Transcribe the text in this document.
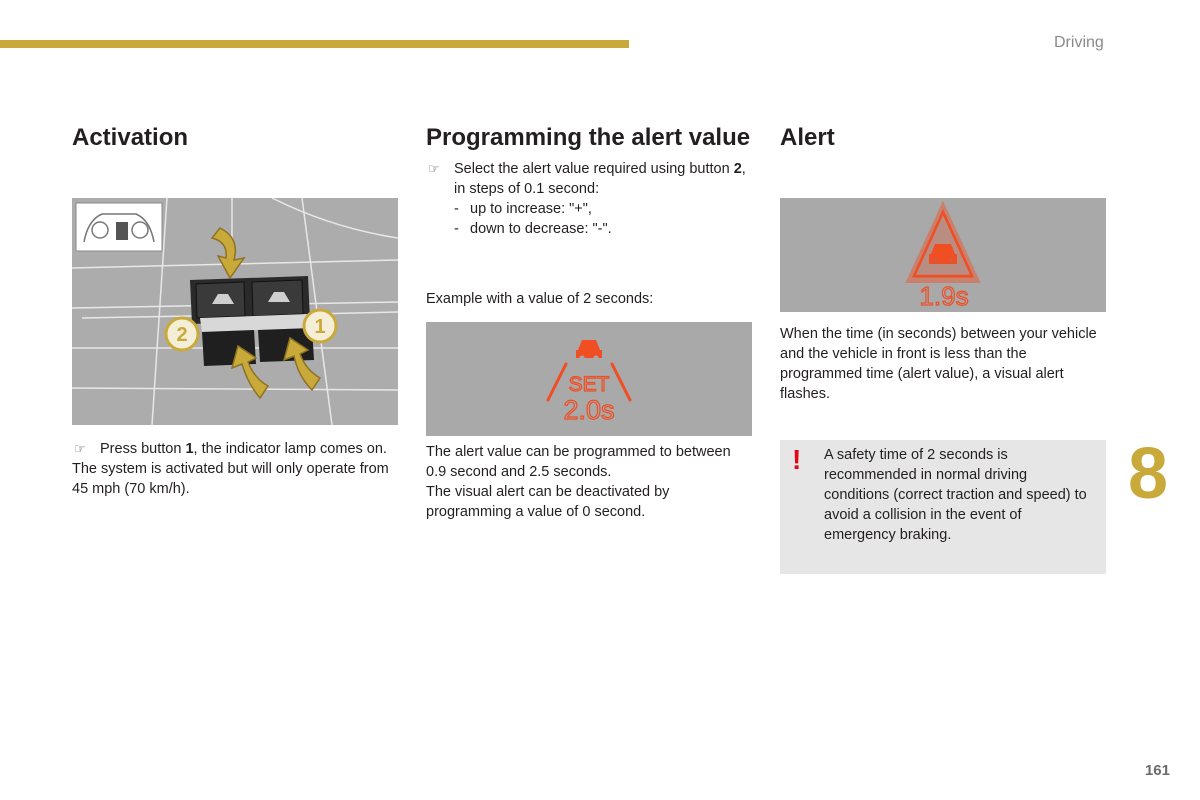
Driving
Activation
2	1
☞ Press button 1, the indicator lamp comes on.
The system is activated but will only operate from 45 mph (70 km/h).
Programming the alert value
☞ Select the alert value required using button 2, in steps of 0.1 second:
- up to increase: "+",
- down to decrease: "-".
Example with a value of 2 seconds:
SET
2.0s
The alert value can be programmed to between 0.9 second and 2.5 seconds.
The visual alert can be deactivated by programming a value of 0 second.
Alert
1.9s
When the time (in seconds) between your vehicle and the vehicle in front is less than the programmed time (alert value), a visual alert flashes.
! A safety time of 2 seconds is recommended in normal driving conditions (correct traction and speed) to avoid a collision in the event of emergency braking.
8
161
